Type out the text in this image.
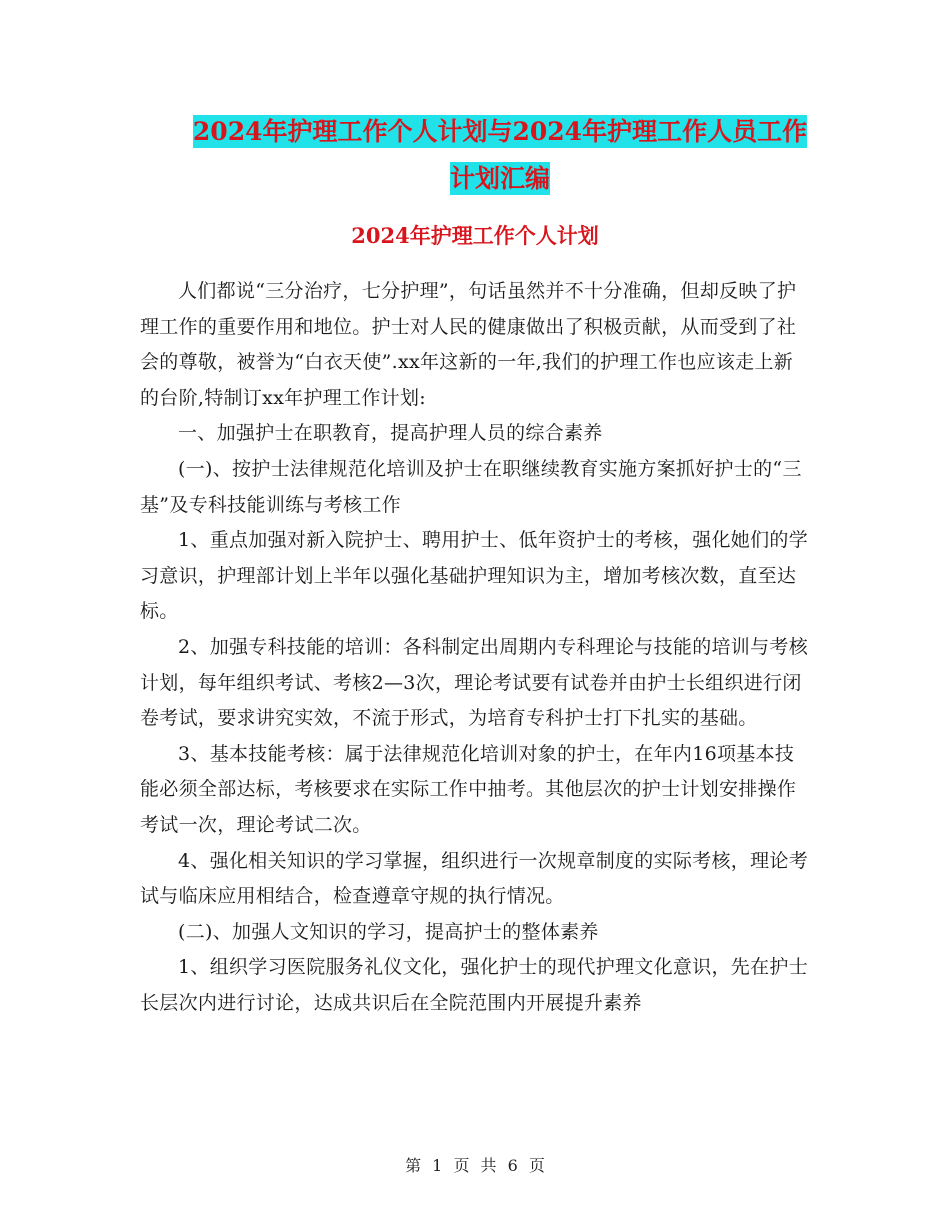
2024年护理工作个人计划与2024年护理工作人员工作
计划汇编
2024年护理工作个人计划

人们都说“三分治疗，七分护理”，句话虽然并不十分准确，但却反映了护理工作的重要作用和地位。护士对人民的健康做出了积极贡献，从而受到了社会的尊敬，被誉为“白衣天使”.xx年这新的一年,我们的护理工作也应该走上新的台阶,特制订xx年护理工作计划:

一、加强护士在职教育，提高护理人员的综合素养

(一)、按护士法律规范化培训及护士在职继续教育实施方案抓好护士的“三基”及专科技能训练与考核工作

1、重点加强对新入院护士、聘用护士、低年资护士的考核，强化她们的学习意识，护理部计划上半年以强化基础护理知识为主，增加考核次数，直至达标。

2、加强专科技能的培训：各科制定出周期内专科理论与技能的培训与考核计划，每年组织考试、考核2—3次，理论考试要有试卷并由护士长组织进行闭卷考试，要求讲究实效，不流于形式，为培育专科护士打下扎实的基础。

3、基本技能考核：属于法律规范化培训对象的护士，在年内16项基本技能必须全部达标，考核要求在实际工作中抽考。其他层次的护士计划安排操作考试一次，理论考试二次。

4、强化相关知识的学习掌握，组织进行一次规章制度的实际考核，理论考试与临床应用相结合，检查遵章守规的执行情况。

(二)、加强人文知识的学习，提高护士的整体素养

1、组织学习医院服务礼仪文化，强化护士的现代护理文化意识，先在护士长层次内进行讨论，达成共识后在全院范围内开展提升素养

第 1 页 共 6 页
